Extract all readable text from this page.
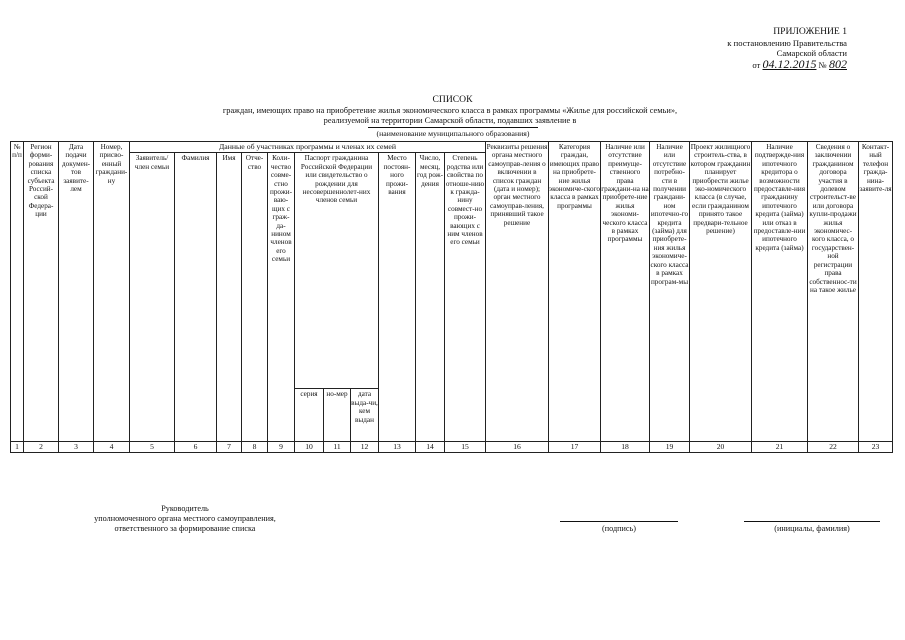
ПРИЛОЖЕНИЕ 1
к постановлению Правительства
Самарской области
от 04.12.2015 № 802
СПИСОК
граждан, имеющих право на приобретение жилья экономического класса в рамках программы «Жилье для российской семьи»,
реализуемой на территории Самарской области, подавших заявление в
(наименование муниципального образования)
№ п/п	Регион форми-рования списка субъекта Россий-ской Федера-ции	Дата подачи докумен-тов заявите-лем	Номер, присво-енный граждани-ну	Данные об участниках программы и членах их семей											Реквизиты решения органа местного самоуправ-ления о включении в список граждан (дата и номер); орган местного самоуправ-ления, принявший такое решение	Категория граждан, имеющих право на приобрете-ние жилья экономиче-ского класса в рамках программы	Наличие или отсутствие преимуще-ственного права граждани-на на приобрете-ние жилья экономи-ческого класса в рамках программы	Наличие или отсутствие потребно-сти в получении граждани-ном ипотечно-го кредита (займа) для приобрете-ния жилья экономиче-ского класса в рамках програм-мы	Проект жилищного строитель-ства, в котором гражданин планирует приобрести жилье эко-номического класса (в случае, если гражданином принято такое предвари-тельное решение)	Наличие подтвержде-ния ипотечного кредитора о возможности предоставле-ния гражданину ипотечного кредита (займа) или отказ в предоставле-нии ипотечного кредита (займа)	Сведения о заключении гражданином договора участия в долевом строительст-ве или договора купли-продажи жилья экономичес-кого класса, о государствен-ной регистрации права собственнос-ти на такое жилье	Контакт-ный телефон гражда-нина-заявите-ля
				Заявитель/ член семьи	Фамилия	Имя	Отче-ство	Коли-чество совме-стно прожи-ваю-щих с граж-да-нином членов его семьи	Паспорт гражданина Российской Федерации или свидетельство о рождении для несовершеннолет-них членов семьи			Место постоян-ного прожи-вания	Число, месяц, год рож-дения	Степень родства или свойства по отноше-нию к гражда-нину совмест-но прожи-вающих с ним членов его семьи								
									серия	но-мер	дата выда-чи, кем выдан											
1	2	3	4	5	6	7	8	9	10	11	12	13	14	15	16	17	18	19	20	21	22	23
Руководитель
уполномоченного органа местного самоуправления,
ответственного за формирование списка	(подпись)	(инициалы, фамилия)
